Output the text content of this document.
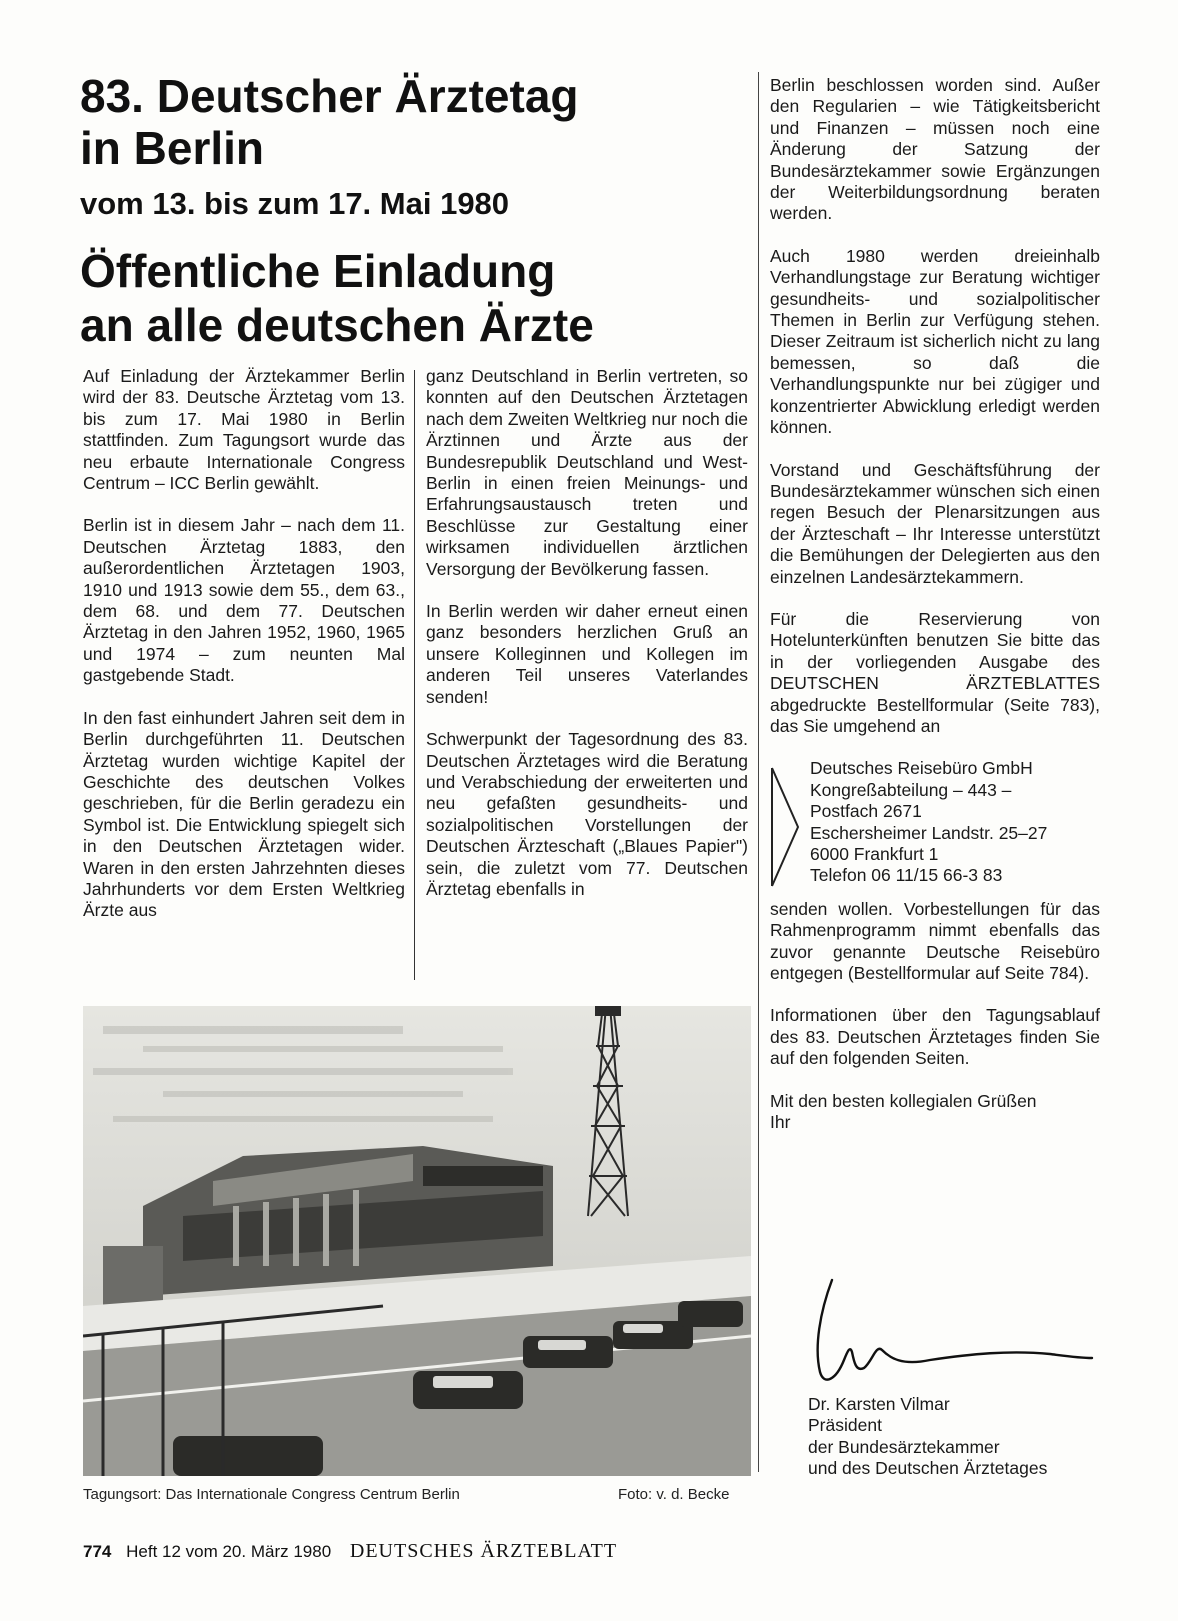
83. Deutscher Ärztetag
in Berlin
vom 13. bis zum 17. Mai 1980
Öffentliche Einladung
an alle deutschen Ärzte

Auf Einladung der Ärztekammer Berlin wird der 83. Deutsche Ärztetag vom 13. bis zum 17. Mai 1980 in Berlin stattfinden. Zum Tagungsort wurde das neu erbaute Internationale Congress Centrum – ICC Berlin gewählt.

Berlin ist in diesem Jahr – nach dem 11. Deutschen Ärztetag 1883, den außerordentlichen Ärztetagen 1903, 1910 und 1913 sowie dem 55., dem 63., dem 68. und dem 77. Deutschen Ärztetag in den Jahren 1952, 1960, 1965 und 1974 – zum neunten Mal gastgebende Stadt.

In den fast einhundert Jahren seit dem in Berlin durchgeführten 11. Deutschen Ärztetag wurden wichtige Kapitel der Geschichte des deutschen Volkes geschrieben, für die Berlin geradezu ein Symbol ist. Die Entwicklung spiegelt sich in den Deutschen Ärztetagen wider. Waren in den ersten Jahrzehnten dieses Jahrhunderts vor dem Ersten Weltkrieg Ärzte aus

ganz Deutschland in Berlin vertreten, so konnten auf den Deutschen Ärztetagen nach dem Zweiten Weltkrieg nur noch die Ärztinnen und Ärzte aus der Bundesrepublik Deutschland und West-Berlin in einen freien Meinungs- und Erfahrungsaustausch treten und Beschlüsse zur Gestaltung einer wirksamen individuellen ärztlichen Versorgung der Bevölkerung fassen.

In Berlin werden wir daher erneut einen ganz besonders herzlichen Gruß an unsere Kolleginnen und Kollegen im anderen Teil unseres Vaterlandes senden!

Schwerpunkt der Tagesordnung des 83. Deutschen Ärztetages wird die Beratung und Verabschiedung der erweiterten und neu gefaßten gesundheits- und sozialpolitischen Vorstellungen der Deutschen Ärzteschaft („Blaues Papier") sein, die zuletzt vom 77. Deutschen Ärztetag ebenfalls in

Berlin beschlossen worden sind. Außer den Regularien – wie Tätigkeitsbericht und Finanzen – müssen noch eine Änderung der Satzung der Bundesärztekammer sowie Ergänzungen der Weiterbildungsordnung beraten werden.

Auch 1980 werden dreieinhalb Verhandlungstage zur Beratung wichtiger gesundheits- und sozialpolitischer Themen in Berlin zur Verfügung stehen. Dieser Zeitraum ist sicherlich nicht zu lang bemessen, so daß die Verhandlungspunkte nur bei zügiger und konzentrierter Abwicklung erledigt werden können.

Vorstand und Geschäftsführung der Bundesärztekammer wünschen sich einen regen Besuch der Plenarsitzungen aus der Ärzteschaft – Ihr Interesse unterstützt die Bemühungen der Delegierten aus den einzelnen Landesärztekammern.

Für die Reservierung von Hotelunterkünften benutzen Sie bitte das in der vorliegenden Ausgabe des DEUTSCHEN ÄRZTEBLATTES abgedruckte Bestellformular (Seite 783), das Sie umgehend an

Deutsches Reisebüro GmbH

Kongreßabteilung – 443 –

Postfach 2671

Eschersheimer Landstr. 25–27

6000 Frankfurt 1

Telefon 06 11/15 66-3 83

senden wollen. Vorbestellungen für das Rahmenprogramm nimmt ebenfalls das zuvor genannte Deutsche Reisebüro entgegen (Bestellformular auf Seite 784).

Informationen über den Tagungsablauf des 83. Deutschen Ärztetages finden Sie auf den folgenden Seiten.

Mit den besten kollegialen Grüßen

Ihr

Dr. Karsten Vilmar
Präsident
der Bundesärztekammer
und des Deutschen Ärztetages
Tagungsort: Das Internationale Congress Centrum Berlin	Foto: v. d. Becke
774 Heft 12 vom 20. März 1980 DEUTSCHES ÄRZTEBLATT
